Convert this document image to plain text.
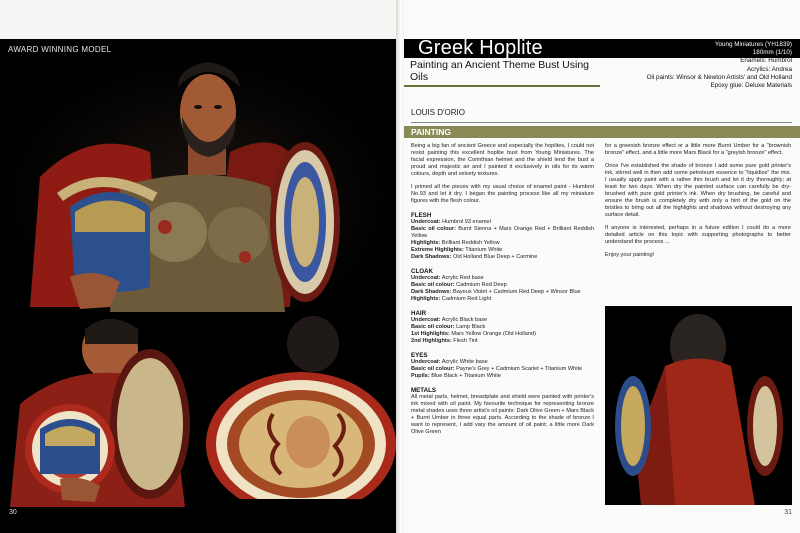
AWARD WINNING MODEL
30
Greek Hoplite	Young Miniatures (YH1839)
180mm (1/10)
Enamels: Humbrol
Acrylics: Andrea
Oil paints: Winsor & Newton Artists' and Old Holland
Epoxy glue: Deluxe Materials
Painting an Ancient Theme Bust Using Oils
LOUIS D'ORIO
PAINTING

Being a big fan of ancient Greece and especially the hoplites, I could not resist painting this excellent hoplite bust from Young Miniatures. The facial expression, the Corinthian helmet and the shield lend the bust a proud and majestic air and I painted it exclusively in oils for its warm colours, depth and velvety textures.

I primed all the pieces with my usual choice of enamel paint - Humbrol No.93 and let it dry. I began the painting process like all my miniature figures with the flesh colour.

FLESH
Undercoat: Humbrol 93 enamel
Basic oil colour: Burnt Sienna + Mars Orange Red + Brilliant Reddish Yellow
Highlights: Brilliant Reddish Yellow
Extreme Highlights: Titanium White
Dark Shadows: Old Holland Blue Deep + Carmine
CLOAK
Undercoat: Acrylic Red base
Basic oil colour: Cadmium Red Deep
Dark Shadows: Bayeux Violet + Cadmium Red Deep + Winsor Blue
Highlights: Cadmium Red Light
HAIR
Undercoat: Acrylic Black base
Basic oil colour: Lamp Black
1st Highlights: Mars Yellow Orange (Old Holland)
2nd Highlights: Flesh Tint
EYES
Undercoat: Acrylic White base
Basic oil colour: Payne's Grey + Cadmium Scarlet + Titanium White
Pupils: Blue Black + Titanium White
METALS

All metal parts, helmet, breastplate and shield were painted with printer's ink mixed with oil paint. My favourite technique for representing bronze metal shades uses three artist's oil paints: Dark Olive Green + Mars Black + Burnt Umber in three equal parts. According to the shade of bronze I want to represent, I add vary the amount of oil paint; a little more Dark Olive Green

for a greenish bronze effect or a little more Burnt Umber for a "brownish bronze" effect, and a little more Mars Black for a "greyish bronze" effect.

Once I've established the shade of bronze I add some pure gold printer's ink, stirred well in then add some petroleum essence to "liquidize" the mix. I usually apply paint with a rather thin brush and let it dry thoroughly; at least for two days. When dry the painted surface can carefully be dry-brushed with pure gold printer's ink. When dry brushing, be careful and ensure the brush is completely dry with only a hint of the gold on the bristles to bring out all the highlights and shadows without destroying any surface detail.

If anyone is interested, perhaps in a future edition I could do a more detailed article on this topic with supporting photographs to better understand the process ...

Enjoy your painting!

31
